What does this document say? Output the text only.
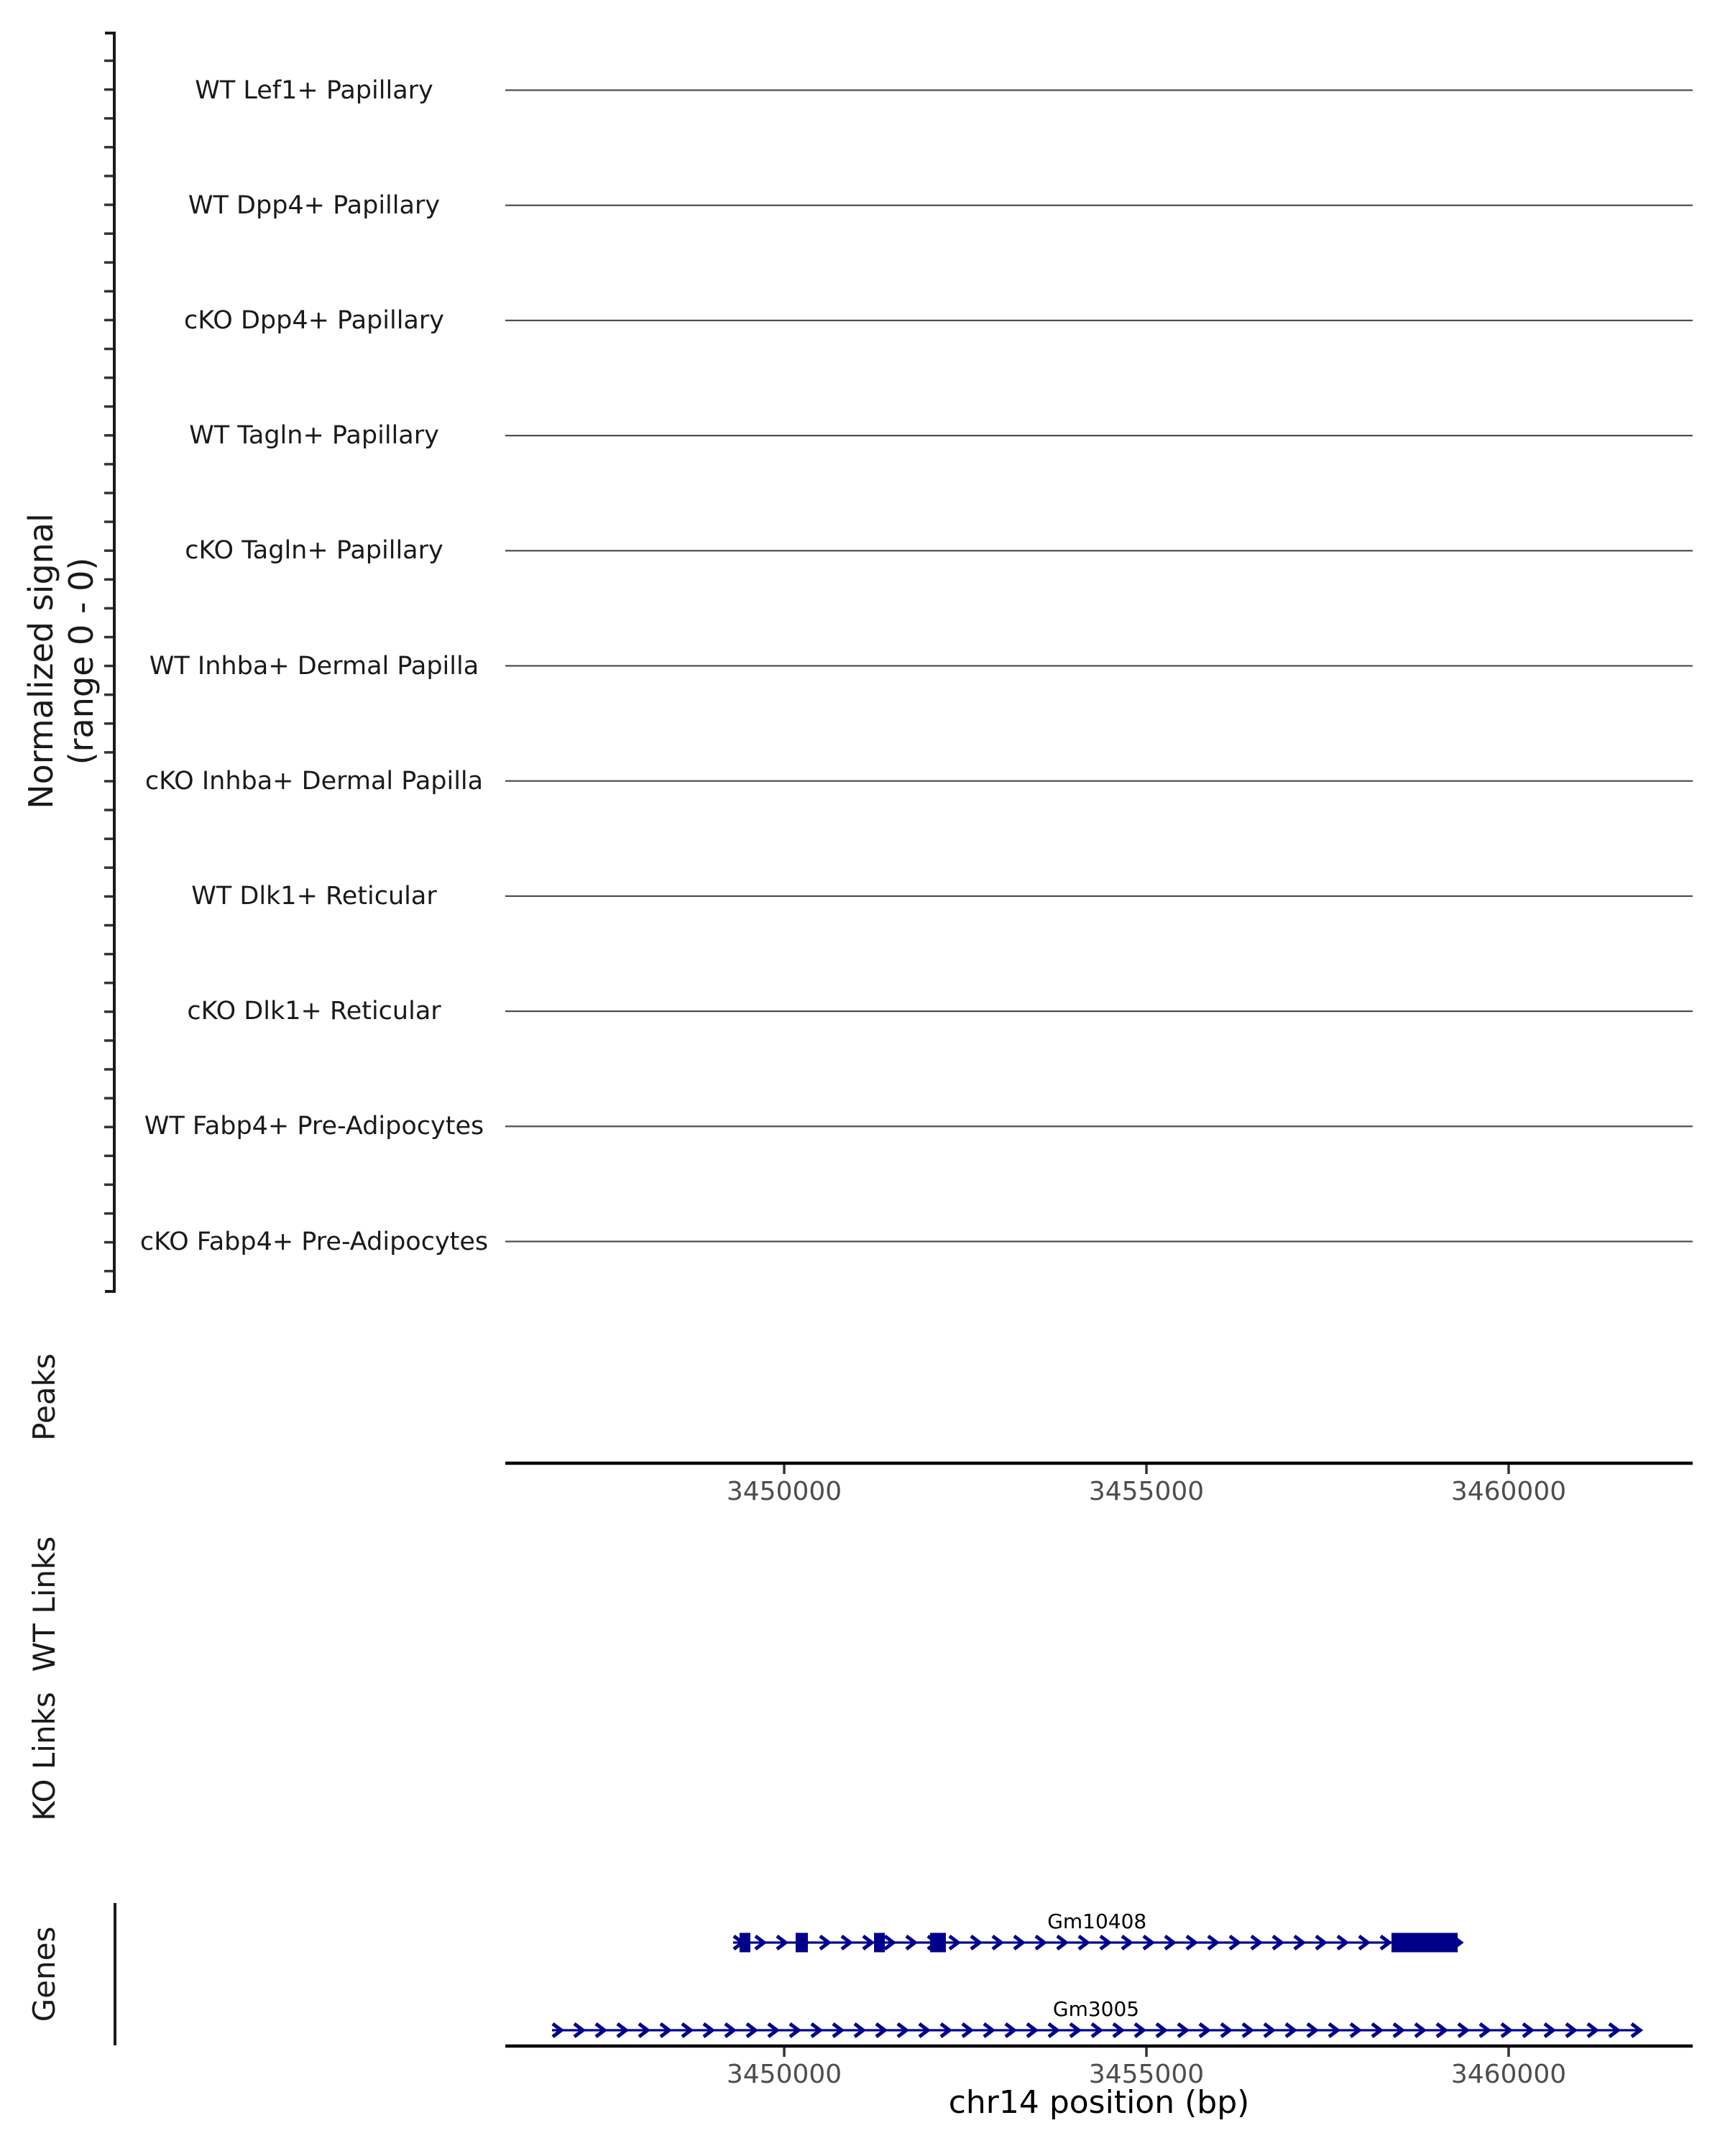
Normalized signal (range 0 - 0)
Peaks
WT Links
KO Links
Genes
WT Lef1+ Papillary
WT Dpp4+ Papillary
cKO Dpp4+ Papillary
WT Tagln+ Papillary
cKO Tagln+ Papillary
WT Inhba+ Dermal Papilla
cKO Inhba+ Dermal Papilla
WT Dlk1+ Reticular
cKO Dlk1+ Reticular
WT Fabp4+ Pre-Adipocytes
cKO Fabp4+ Pre-Adipocytes
3450000	3455000	3460000
3450000	3455000	3460000
Gm10408
Gm3005
chr14 position (bp)
